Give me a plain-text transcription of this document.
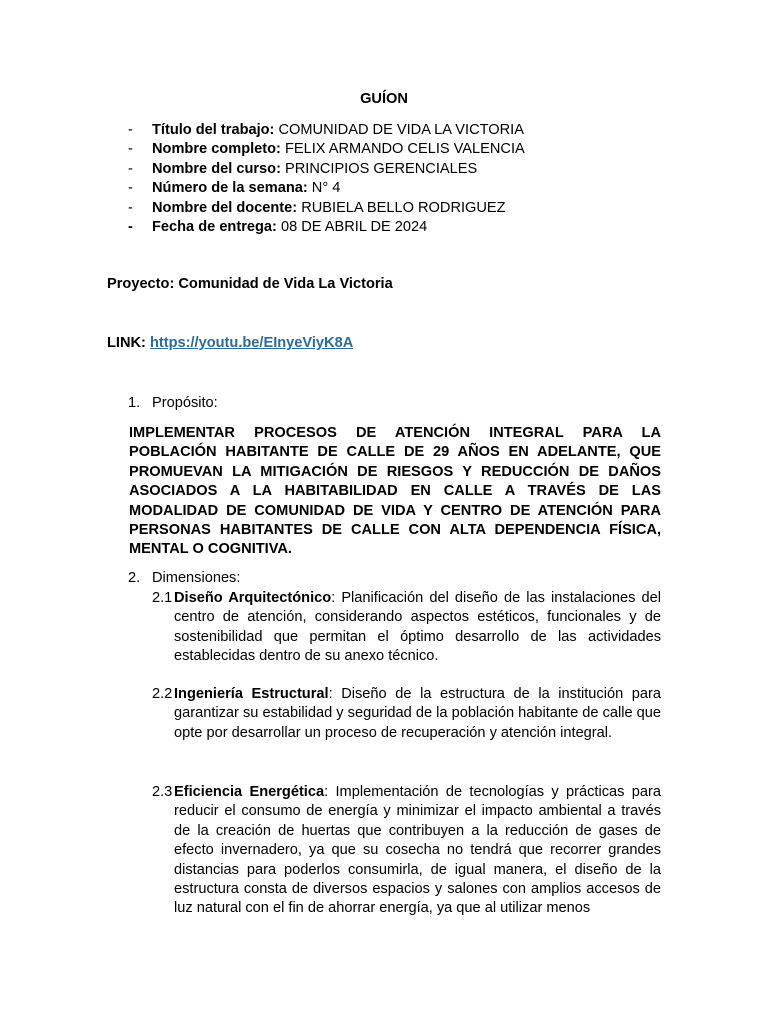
GUÍON
- Título del trabajo: COMUNIDAD DE VIDA LA VICTORIA
- Nombre completo: FELIX ARMANDO CELIS VALENCIA
- Nombre del curso: PRINCIPIOS GERENCIALES
- Número de la semana: N° 4
- Nombre del docente: RUBIELA BELLO RODRIGUEZ
- Fecha de entrega: 08 DE ABRIL DE 2024
Proyecto: Comunidad de Vida La Victoria
LINK: https://youtu.be/EInyeViyK8A
1. Propósito:
IMPLEMENTAR PROCESOS DE ATENCIÓN INTEGRAL PARA LA POBLACIÓN HABITANTE DE CALLE DE 29 AÑOS EN ADELANTE, QUE PROMUEVAN LA MITIGACIÓN DE RIESGOS Y REDUCCIÓN DE DAÑOS ASOCIADOS A LA HABITABILIDAD EN CALLE A TRAVÉS DE LAS MODALIDAD DE COMUNIDAD DE VIDA Y CENTRO DE ATENCIÓN PARA PERSONAS HABITANTES DE CALLE CON ALTA DEPENDENCIA FÍSICA, MENTAL O COGNITIVA.
2. Dimensiones:
2.1 Diseño Arquitectónico: Planificación del diseño de las instalaciones del centro de atención, considerando aspectos estéticos, funcionales y de sostenibilidad que permitan el óptimo desarrollo de las actividades establecidas dentro de su anexo técnico.
2.2 Ingeniería Estructural: Diseño de la estructura de la institución para garantizar su estabilidad y seguridad de la población habitante de calle que opte por desarrollar un proceso de recuperación y atención integral.
2.3 Eficiencia Energética: Implementación de tecnologías y prácticas para reducir el consumo de energía y minimizar el impacto ambiental a través de la creación de huertas que contribuyen a la reducción de gases de efecto invernadero, ya que su cosecha no tendrá que recorrer grandes distancias para poderlos consumirla, de igual manera, el diseño de la estructura consta de diversos espacios y salones con amplios accesos de luz natural con el fin de ahorrar energía, ya que al utilizar menos
